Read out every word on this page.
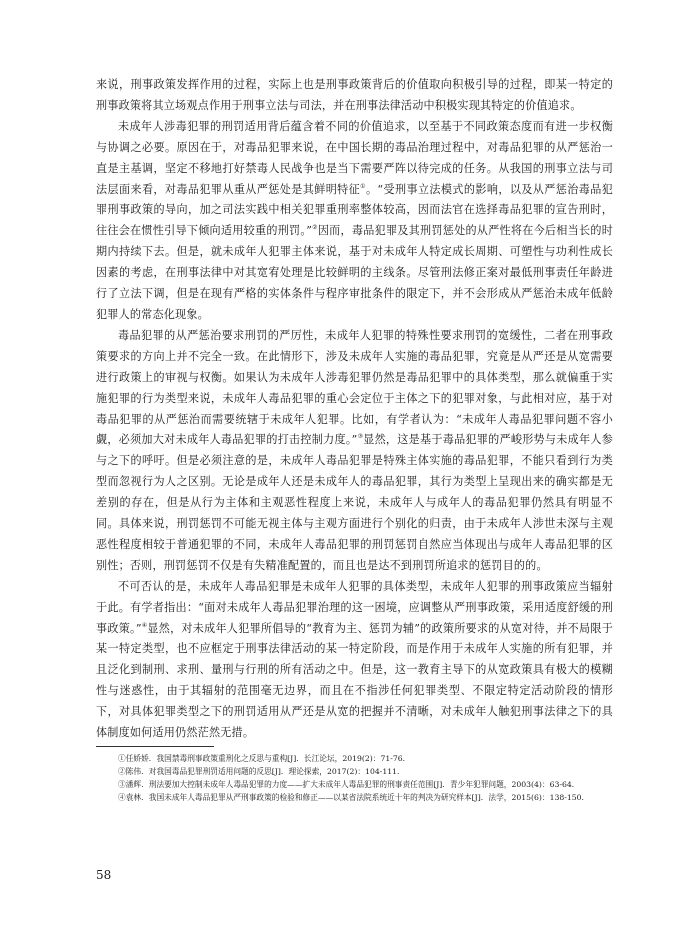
来说，刑事政策发挥作用的过程，实际上也是刑事政策背后的价值取向积极引导的过程，即某一特定的刑事政策将其立场观点作用于刑事立法与司法，并在刑事法律活动中积极实现其特定的价值追求。

未成年人涉毒犯罪的刑罚适用背后蕴含着不同的价值追求，以至基于不同政策态度而有进一步权衡与协调之必要。原因在于，对毒品犯罪来说，在中国长期的毒品治理过程中，对毒品犯罪的从严惩治一直是主基调，坚定不移地打好禁毒人民战争也是当下需要严阵以待完成的任务。从我国的刑事立法与司法层面来看，对毒品犯罪从重从严惩处是其鲜明特征①。“受刑事立法模式的影响，以及从严惩治毒品犯罪刑事政策的导向，加之司法实践中相关犯罪重刑率整体较高，因而法官在选择毒品犯罪的宣告刑时，往往会在惯性引导下倾向适用较重的刑罚。”②因而，毒品犯罪及其刑罚惩处的从严性将在今后相当长的时期内持续下去。但是，就未成年人犯罪主体来说，基于对未成年人特定成长周期、可塑性与功利性成长因素的考虑，在刑事法律中对其宽宥处理是比较鲜明的主线条。尽管刑法修正案对最低刑事责任年龄进行了立法下调，但是在现有严格的实体条件与程序审批条件的限定下，并不会形成从严惩治未成年低龄犯罪人的常态化现象。

毒品犯罪的从严惩治要求刑罚的严厉性，未成年人犯罪的特殊性要求刑罚的宽缓性，二者在刑事政策要求的方向上并不完全一致。在此情形下，涉及未成年人实施的毒品犯罪，究竟是从严还是从宽需要进行政策上的审视与权衡。如果认为未成年人涉毒犯罪仍然是毒品犯罪中的具体类型，那么就偏重于实施犯罪的行为类型来说，未成年人毒品犯罪的重心会定位于主体之下的犯罪对象，与此相对应，基于对毒品犯罪的从严惩治而需要统辖于未成年人犯罪。比如，有学者认为：“未成年人毒品犯罪问题不容小觑，必须加大对未成年人毒品犯罪的打击控制力度。”③显然，这是基于毒品犯罪的严峻形势与未成年人参与之下的呼吁。但是必须注意的是，未成年人毒品犯罪是特殊主体实施的毒品犯罪，不能只看到行为类型而忽视行为人之区别。无论是成年人还是未成年人的毒品犯罪，其行为类型上呈现出来的确实都是无差别的存在，但是从行为主体和主观恶性程度上来说，未成年人与成年人的毒品犯罪仍然具有明显不同。具体来说，刑罚惩罚不可能无视主体与主观方面进行个别化的归责，由于未成年人涉世未深与主观恶性程度相较于普通犯罪的不同，未成年人毒品犯罪的刑罚惩罚自然应当体现出与成年人毒品犯罪的区别性；否则，刑罚惩罚不仅是有失精准配置的，而且也是达不到刑罚所追求的惩罚目的的。

不可否认的是，未成年人毒品犯罪是未成年人犯罪的具体类型，未成年人犯罪的刑事政策应当辐射于此。有学者指出：“面对未成年人毒品犯罪治理的这一困境，应调整从严刑事政策，采用适度舒缓的刑事政策。”④显然，对未成年人犯罪所倡导的“教育为主、惩罚为辅”的政策所要求的从宽对待，并不局限于某一特定类型，也不应框定于刑事法律活动的某一特定阶段，而是作用于未成年人实施的所有犯罪，并且泛化到制刑、求刑、量刑与行刑的所有活动之中。但是，这一教育主导下的从宽政策具有极大的模糊性与迷惑性，由于其辐射的范围毫无边界，而且在不指涉任何犯罪类型、不限定特定活动阶段的情形下，对具体犯罪类型之下的刑罚适用从严还是从宽的把握并不清晰，对未成年人触犯刑事法律之下的具体制度如何适用仍然茫然无措。

①任娇娇．我国禁毒刑事政策重刑化之反思与重构[J]．长江论坛，2019(2)：71-76．

②陈伟．对我国毒品犯罪刑罚适用问题的反思[J]．理论探索，2017(2)：104-111．

③潘辉．刑法要加大控制未成年人毒品犯罪的力度——扩大未成年人毒品犯罪的刑事责任范围[J]．青少年犯罪问题，2003(4)：63-64．

④袁林．我国未成年人毒品犯罪从严刑事政策的检验和修正——以某省法院系统近十年的判决为研究样本[J]．法学，2015(6)：138-150．

58
